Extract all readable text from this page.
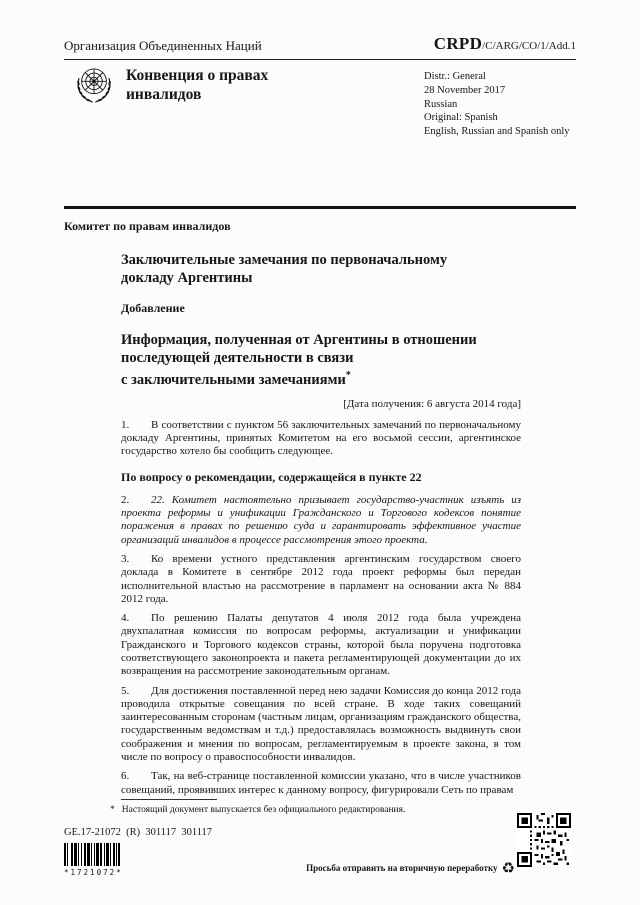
Организация Объединенных Наций	CRPD/C/ARG/CO/1/Add.1
Конвенция о правах инвалидов
Distr.: General
28 November 2017
Russian
Original: Spanish
English, Russian and Spanish only
Комитет по правам инвалидов
Заключительные замечания по первоначальному
докладу Аргентины
Добавление
Информация, полученная от Аргентины в отношении
последующей деятельности в связи
с заключительными замечаниями*
[Дата получения: 6 августа 2014 года]

1. В соответствии с пунктом 56 заключительных замечаний по первоначальному докладу Аргентины, принятых Комитетом на его восьмой сессии, аргентинское государство хотело бы сообщить следующее.

По вопросу о рекомендации, содержащейся в пункте 22

2. 22. Комитет настоятельно призывает государство-участник изъять из проекта реформы и унификации Гражданского и Торгового кодексов понятие поражения в правах по решению суда и гарантировать эффективное участие организаций инвалидов в процессе рассмотрения этого проекта.

3. Ко времени устного представления аргентинским государством своего доклада в Комитете в сентябре 2012 года проект реформы был передан исполнительной властью на рассмотрение в парламент на основании акта № 884 2012 года.

4. По решению Палаты депутатов 4 июля 2012 года была учреждена двухпалатная комиссия по вопросам реформы, актуализации и унификации Гражданского и Торгового кодексов страны, которой была поручена подготовка соответствующего законопроекта и пакета регламентирующей документации до их возвращения на рассмотрение законодательным органам.

5. Для достижения поставленной перед нею задачи Комиссия до конца 2012 года проводила открытые совещания по всей стране. В ходе таких совещаний заинтересованным сторонам (частным лицам, организациям гражданского общества, государственным ведомствам и т.д.) предоставлялась возможность выдвинуть свои соображения и мнения по вопросам, регламентируемым в проекте закона, в том числе по вопросу о правоспособности инвалидов.

6. Так, на веб-странице поставленной комиссии указано, что в числе участников совещаний, проявивших интерес к данному вопросу, фигурировали Сеть по правам

* Настоящий документ выпускается без официального редактирования.
GE.17-21072  (R)  301117  301117
*1721072*	Просьба отправить на вторичную переработку ♻
